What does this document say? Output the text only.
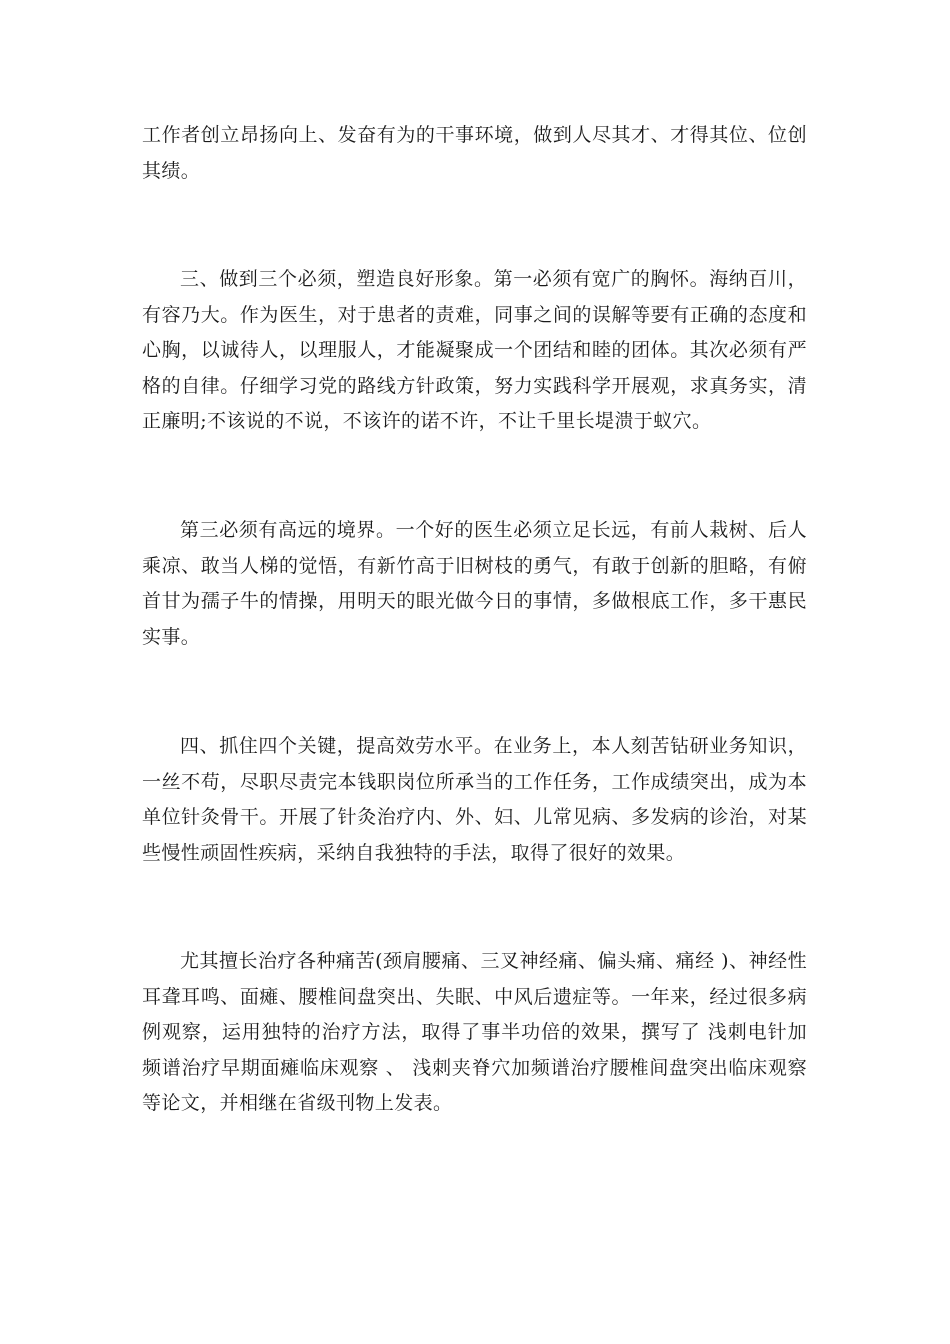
工作者创立昂扬向上、发奋有为的干事环境，做到人尽其才、才得其位、位创其绩。

三、做到三个必须，塑造良好形象。第一必须有宽广的胸怀。海纳百川，有容乃大。作为医生，对于患者的责难，同事之间的误解等要有正确的态度和心胸，以诚待人，以理服人，才能凝聚成一个团结和睦的团体。其次必须有严格的自律。仔细学习党的路线方针政策，努力实践科学开展观，求真务实，清正廉明;不该说的不说，不该许的诺不许，不让千里长堤溃于蚁穴。

第三必须有高远的境界。一个好的医生必须立足长远，有前人栽树、后人乘凉、敢当人梯的觉悟，有新竹高于旧树枝的勇气，有敢于创新的胆略，有俯首甘为孺子牛的情操，用明天的眼光做今日的事情，多做根底工作，多干惠民实事。

四、抓住四个关键，提高效劳水平。在业务上，本人刻苦钻研业务知识，一丝不苟，尽职尽责完本钱职岗位所承当的工作任务，工作成绩突出，成为本单位针灸骨干。开展了针灸治疗内、外、妇、儿常见病、多发病的诊治，对某些慢性顽固性疾病，采纳自我独特的手法，取得了很好的效果。

尤其擅长治疗各种痛苦(颈肩腰痛、三叉神经痛、偏头痛、痛经 )、神经性耳聋耳鸣、面瘫、腰椎间盘突出、失眠、中风后遗症等。一年来，经过很多病例观察，运用独特的治疗方法，取得了事半功倍的效果，撰写了 浅刺电针加频谱治疗早期面瘫临床观察 、 浅刺夹脊穴加频谱治疗腰椎间盘突出临床观察 等论文，并相继在省级刊物上发表。
